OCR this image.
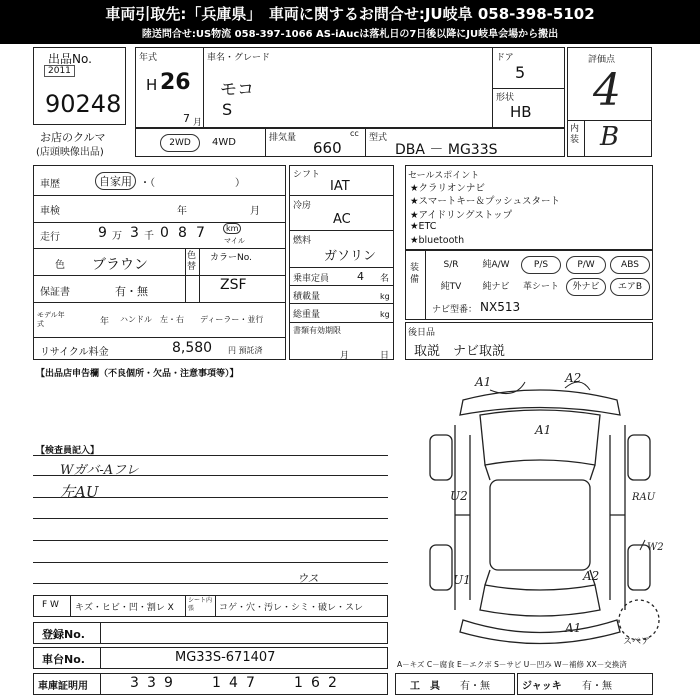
車両引取先:「兵庫県」　車両に関するお問合せ:JU岐阜 058-398-5102
陸送問合せ:US物流 058-397-1066 AS-iAucは落札日の7日後以降にJU岐阜会場から搬出
出品No.
2011
90248
お店のクルマ
(店頭映像出品)
年式
H 26
7 月
車名・グレード
モコ
S
ドア
5
形状
HB
評価点
4
内装 B
2WD	4WD	排気量	cc
660
型式
DBA － MG33S
車歴	自家用 ・（　　　　　　　　）
車検	年	月
走行	9 万 3 千 0 8 7	km
マイル
色 ブラウン
色替
カラーNo.
ZSF
保証書	有・無
モデル年式	年 ハンドル　左・右 ディーラー・並行
リサイクル料金	8,580 円 預託済
シフト
IAT
冷房
AC
燃料
ガソリン
乗車定員	4 名
積載量	kg
総重量	kg
書類有効期限
月	日
セールスポイント
★クラリオンナビ
★スマートキー＆プッシュスタート
★アイドリングストップ
★ETC
★bluetooth
装備
S/R	純A/W	P/S	P/W	ABS
純TV	純ナビ	革シート	外ナビ	エアB
ナビ型番： NX513
後日品
取説　ナビ取説
【出品店申告欄（不良個所・欠品・注意事項等）】
【検査員記入】
Wガバ-Aフレ
左AU
F W キズ・ヒビ・凹・割レ X
シート内張	コゲ・穴・汚レ・シミ・破レ・スレ
ウス
登録No.
車台No.	MG33S-671407
車庫証明用	3 3 9	1 4 7	1 6 2
A－キズ C－腐食 E－エクボ S－サビ U－凹み W－補修 XX－交換済
工　具 有・無	ジャッキ 有・無
A1	A2
A1
U2	RAU
W2
U1	A2
A1
スペア
